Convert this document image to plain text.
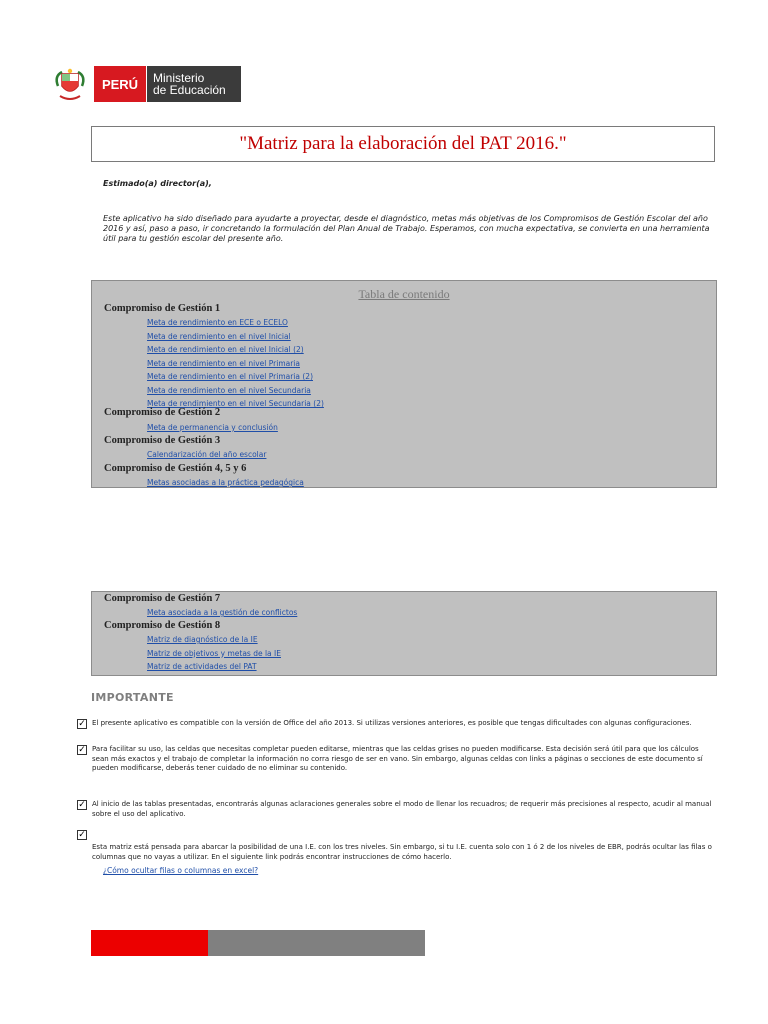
PERÚ	Ministerio
de Educación
"Matriz para la elaboración del PAT 2016."
Estimado(a) director(a),
Este aplicativo ha sido diseñado para ayudarte a proyectar, desde el diagnóstico, metas más objetivas de los Compromisos de Gestión Escolar del año 2016 y así, paso a paso, ir concretando la formulación del Plan Anual de Trabajo. Esperamos, con mucha expectativa, se convierta en una herramienta útil para tu gestión escolar del presente año.
Tabla de contenido
Compromiso de Gestión 1
Meta de rendimiento en ECE o ECELO
Meta de rendimiento en el nivel Inicial
Meta de rendimiento en el nivel Inicial (2)
Meta de rendimiento en el nivel Primaria
Meta de rendimiento en el nivel Primaria (2)
Meta de rendimiento en el nivel Secundaria
Meta de rendimiento en el nivel Secundaria (2)
Compromiso de Gestión 2
Meta de permanencia y conclusión
Compromiso de Gestión 3
Calendarización del año escolar
Compromiso de Gestión 4, 5 y 6
Metas asociadas a la práctica pedagógica
Compromiso de Gestión 7
Meta asociada a la gestión de conflictos
Compromiso de Gestión 8
Matriz de diagnóstico de la IE
Matriz de objetivos y metas de la IE
Matriz de actividades del PAT
IMPORTANTE
✓ El presente aplicativo es compatible con la versión de Office del año 2013. Si utilizas versiones anteriores, es posible que tengas dificultades con algunas configuraciones.
✓ Para facilitar su uso, las celdas que necesitas completar pueden editarse, mientras que las celdas grises no pueden modificarse. Esta decisión será útil para que los cálculos sean más exactos y el trabajo de completar la información no corra riesgo de ser en vano. Sin embargo, algunas celdas con links a páginas o secciones de este documento sí pueden modificarse, deberás tener cuidado de no eliminar su contenido.
✓ Al inicio de las tablas presentadas, encontrarás algunas aclaraciones generales sobre el modo de llenar los recuadros; de requerir más precisiones al respecto, acudir al manual sobre el uso del aplicativo.
✓
Esta matriz está pensada para abarcar la posibilidad de una I.E. con los tres niveles. Sin embargo, si tu I.E. cuenta solo con 1 ó 2 de los niveles de EBR, podrás ocultar las filas o columnas que no vayas a utilizar. En el siguiente link podrás encontrar instrucciones de cómo hacerlo.
¿Cómo ocultar filas o columnas en excel?
